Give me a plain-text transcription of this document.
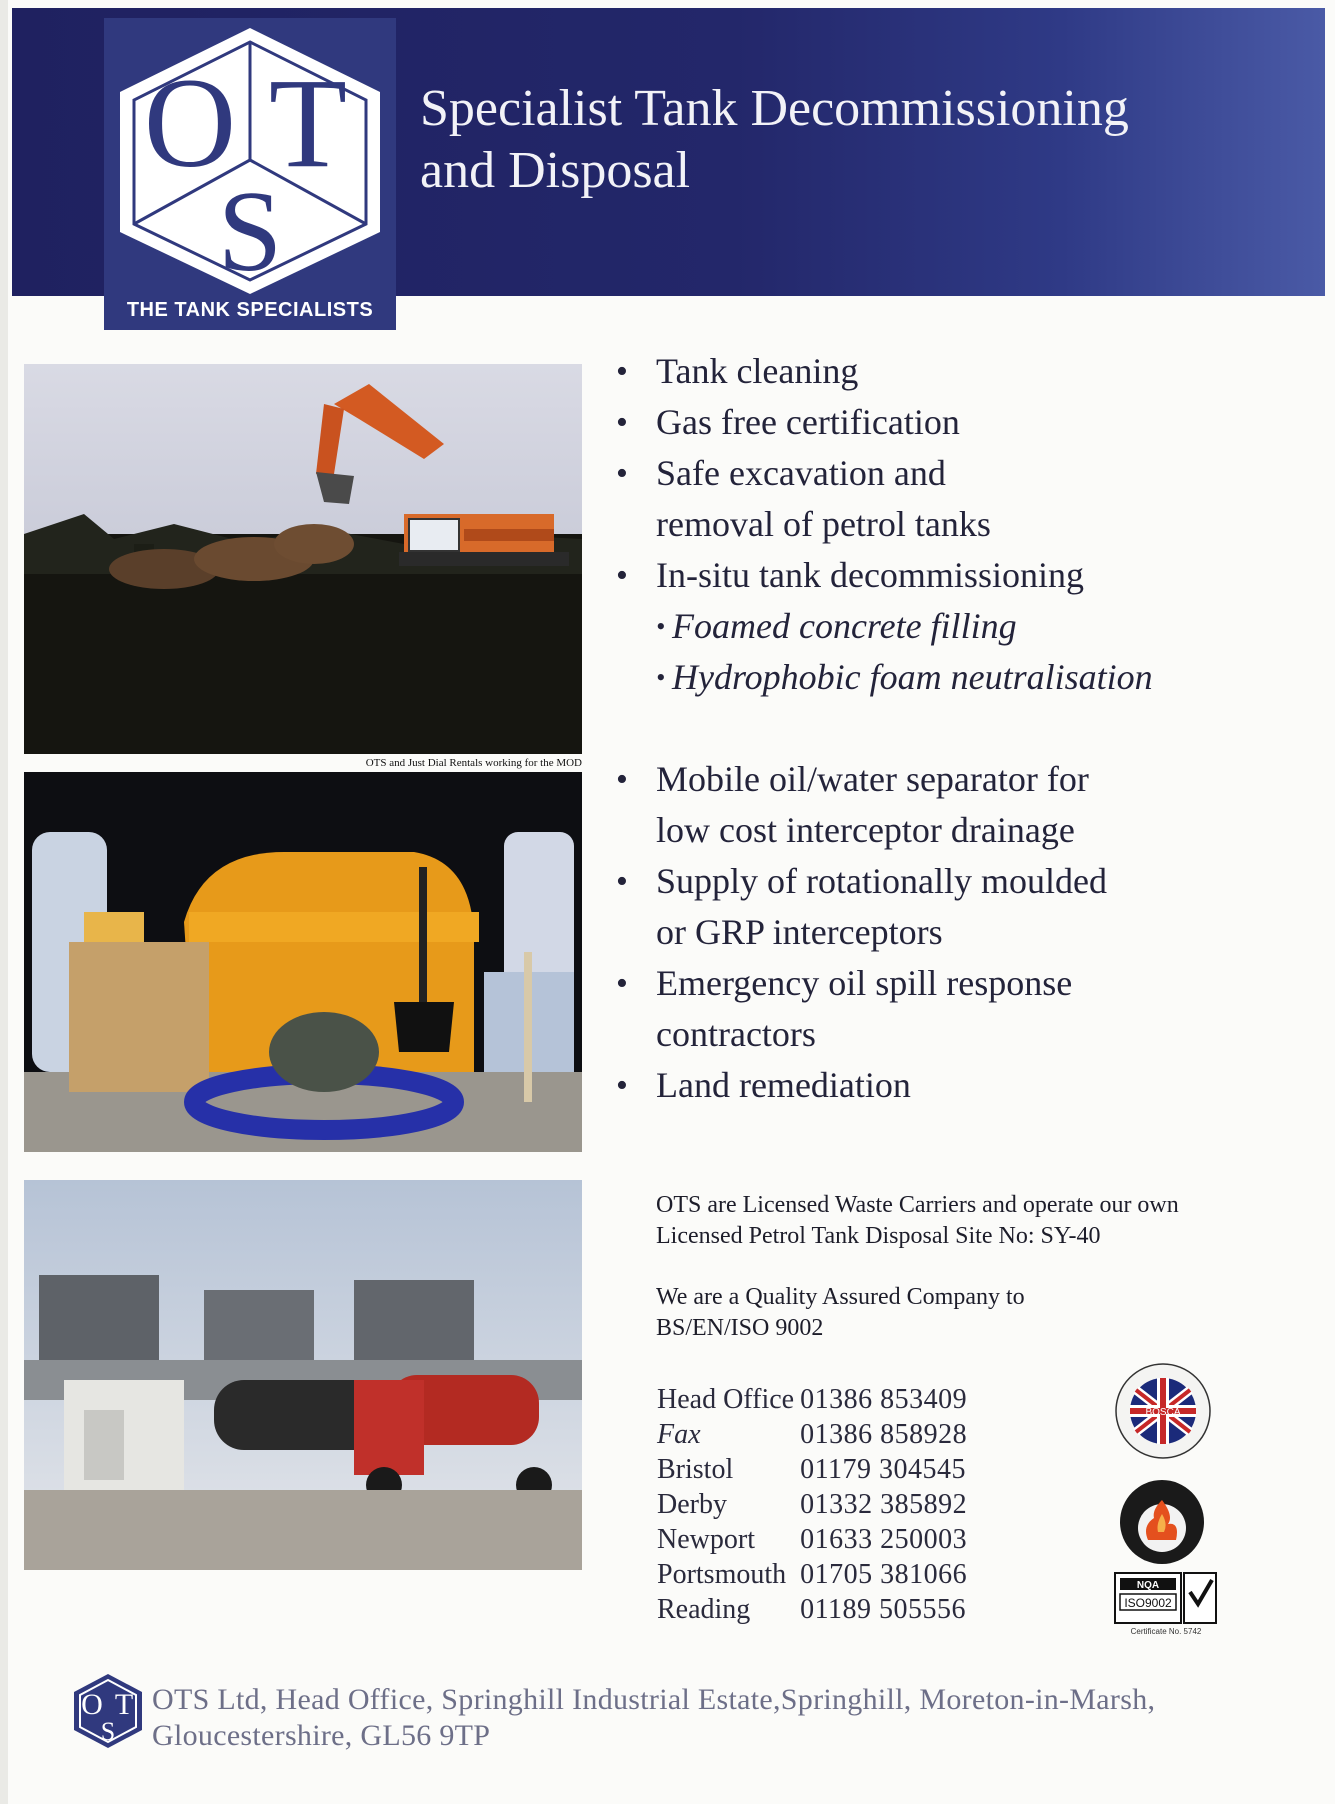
O T
S
THE TANK SPECIALISTS
Specialist Tank Decommissioning
and Disposal
OTS and Just Dial Rentals working for the MOD
• Tank cleaning
• Gas free certification
• Safe excavation and
removal of petrol tanks
• In-situ tank decommissioning
• Foamed concrete filling
• Hydrophobic foam neutralisation
• Mobile oil/water separator for
low cost interceptor drainage
• Supply of rotationally moulded
or GRP interceptors
• Emergency oil spill response
contractors
• Land remediation
OTS are Licensed Waste Carriers and operate our own Licensed Petrol Tank Disposal Site No: SY-40
We are a Quality Assured Company to BS/EN/ISO 9002
Head Office	01386 853409
Fax	01386 858928
Bristol	01179 304545
Derby	01332 385892
Newport	01633 250003
Portsmouth	01705 381066
Reading	01189 505556
BOSCA
NQA
ISO9002
Certificate No. 5742
O T
S
OTS Ltd, Head Office, Springhill Industrial Estate,Springhill, Moreton-in-Marsh,
Gloucestershire, GL56 9TP
